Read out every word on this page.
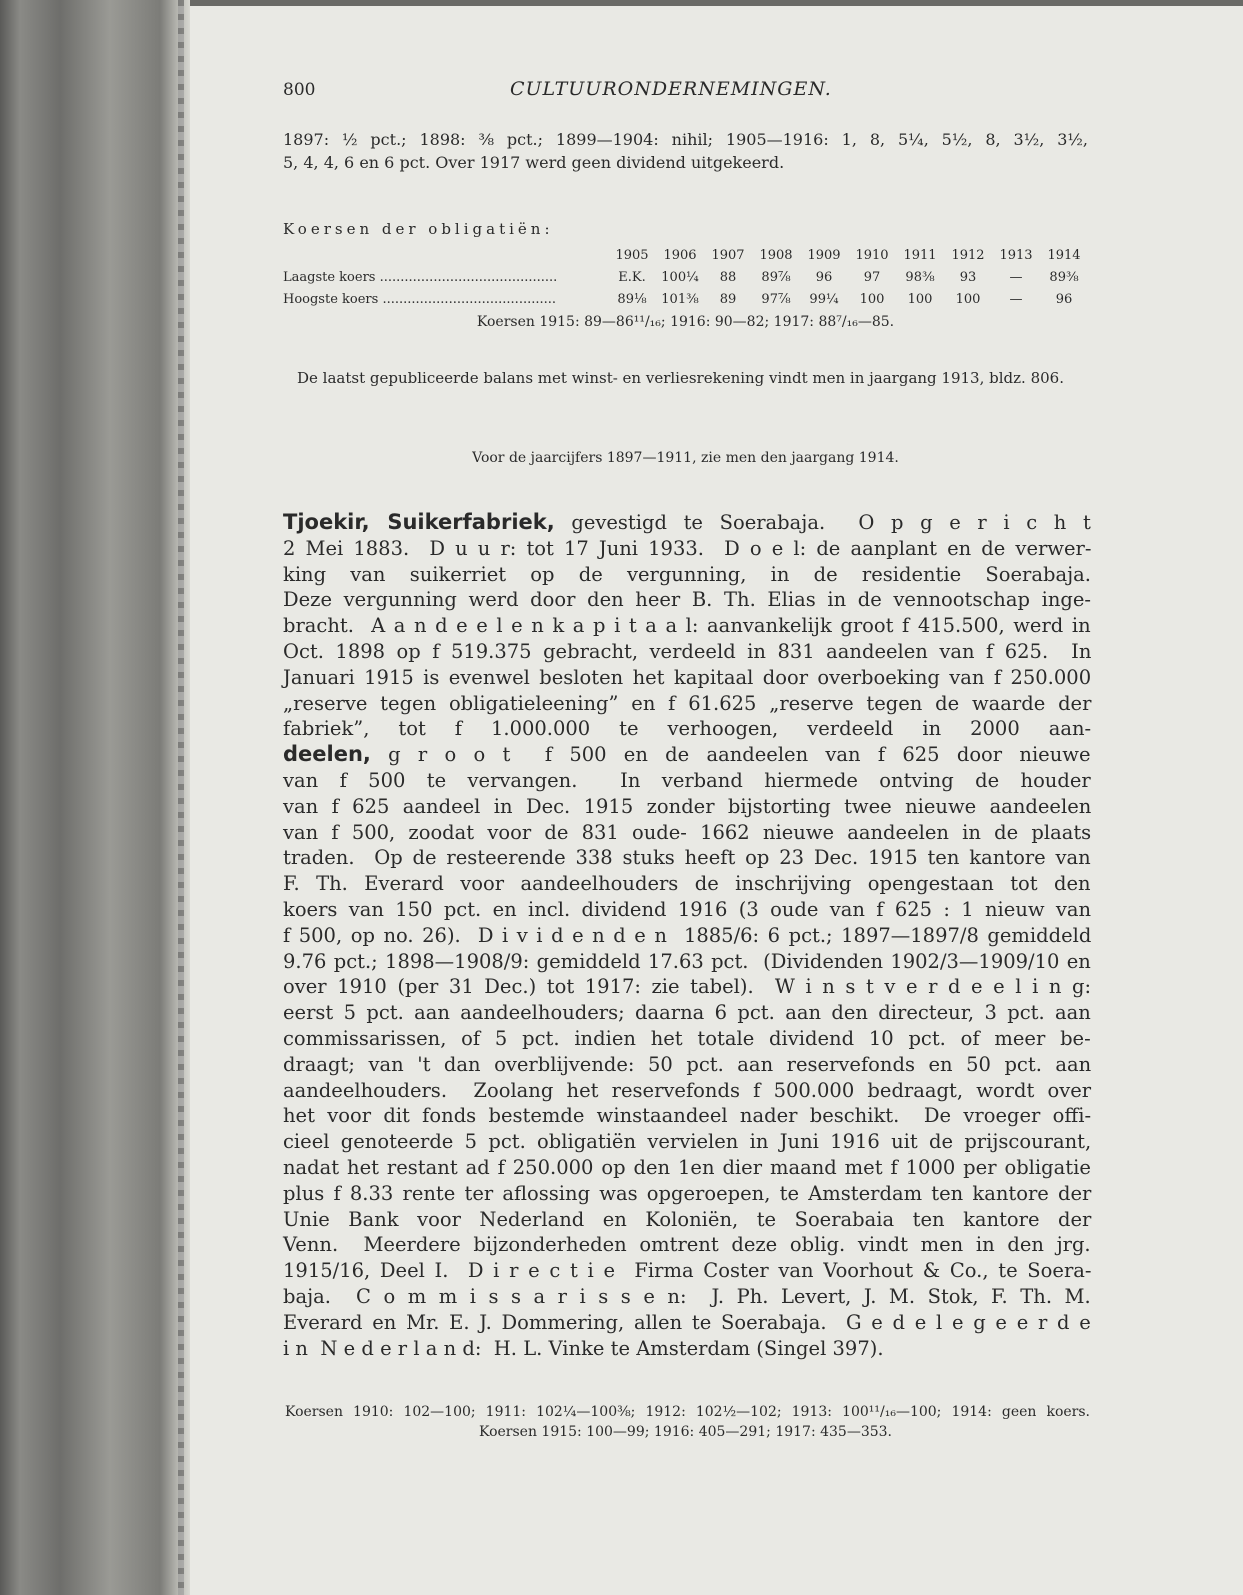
800	CULTUURONDERNEMINGEN.
1897: ½ pct.; 1898: ⅜ pct.; 1899—1904: nihil; 1905—1916: 1, 8, 5¼, 5½, 8, 3½, 3½,
5, 4, 4, 6 en 6 pct. Over 1917 werd geen dividend uitgekeerd.
Koersen der obligatiën:
1905	1906	1907	1908	1909	1910	1911	1912	1913	1914
Laagste koers ...........................................	E.K.	100¼	88	89⅞	96	97	98⅜	93	—	89⅜
Hoogste koers ..........................................	89⅛	101⅜	89	97⅞	99¼	100	100	100	—	96
Koersen 1915: 89—86¹¹/₁₆; 1916: 90—82; 1917: 88⁷/₁₆—85.
De laatst gepubliceerde balans met winst- en verliesrekening vindt men in jaargang 1913, bldz. 806.
Voor de jaarcijfers 1897—1911, zie men den jaargang 1914.
Tjoekir, Suikerfabriek, gevestigd te Soerabaja.  O p g e r i c h t
2 Mei 1883.  D u u r: tot 17 Juni 1933.  D o e l: de aanplant en de verwer-
king van suikerriet op de vergunning, in de residentie Soerabaja.
Deze vergunning werd door den heer B. Th. Elias in de vennootschap inge-
bracht.  A a n d e e l e n k a p i t a a l: aanvankelijk groot f 415.500, werd in
Oct. 1898 op f 519.375 gebracht, verdeeld in 831 aandeelen van f 625.  In
Januari 1915 is evenwel besloten het kapitaal door overboeking van f 250.000
„reserve tegen obligatieleening” en f 61.625 „reserve tegen de waarde der
fabriek”, tot f 1.000.000 te verhoogen, verdeeld in 2000 aan-
deelen, g r o o t  f 500 en de aandeelen van f 625 door nieuwe
van f 500 te vervangen.  In verband hiermede ontving de houder
van f 625 aandeel in Dec. 1915 zonder bijstorting twee nieuwe aandeelen
van f 500, zoodat voor de 831 oude- 1662 nieuwe aandeelen in de plaats
traden.  Op de resteerende 338 stuks heeft op 23 Dec. 1915 ten kantore van
F. Th. Everard voor aandeelhouders de inschrijving opengestaan tot den
koers van 150 pct. en incl. dividend 1916 (3 oude van f 625 : 1 nieuw van
f 500, op no. 26).  D i v i d e n d e n  1885/6: 6 pct.; 1897—1897/8 gemiddeld
9.76 pct.; 1898—1908/9: gemiddeld 17.63 pct.  (Dividenden 1902/3—1909/10 en
over 1910 (per 31 Dec.) tot 1917: zie tabel).  W i n s t v e r d e e l i n g:
eerst 5 pct. aan aandeelhouders; daarna 6 pct. aan den directeur, 3 pct. aan
commissarissen, of 5 pct. indien het totale dividend 10 pct. of meer be-
draagt; van 't dan overblijvende: 50 pct. aan reservefonds en 50 pct. aan
aandeelhouders.  Zoolang het reservefonds f 500.000 bedraagt, wordt over
het voor dit fonds bestemde winstaandeel nader beschikt.  De vroeger offi-
cieel genoteerde 5 pct. obligatiën vervielen in Juni 1916 uit de prijscourant,
nadat het restant ad f 250.000 op den 1en dier maand met f 1000 per obligatie
plus f 8.33 rente ter aflossing was opgeroepen, te Amsterdam ten kantore der
Unie Bank voor Nederland en Koloniën, te Soerabaia ten kantore der
Venn.  Meerdere bijzonderheden omtrent deze oblig. vindt men in den jrg.
1915/16, Deel I.  D i r e c t i e  Firma Coster van Voorhout & Co., te Soera-
baja.  C o m m i s s a r i s s e n:  J. Ph. Levert, J. M. Stok, F. Th. M.
Everard en Mr. E. J. Dommering, allen te Soerabaja.  G e d e l e g e e r d e
i n  N e d e r l a n d:  H. L. Vinke te Amsterdam (Singel 397).
Koersen 1910: 102—100; 1911: 102¼—100⅜; 1912: 102½—102; 1913: 100¹¹/₁₆—100; 1914: geen koers.
Koersen 1915: 100—99; 1916: 405—291; 1917: 435—353.
